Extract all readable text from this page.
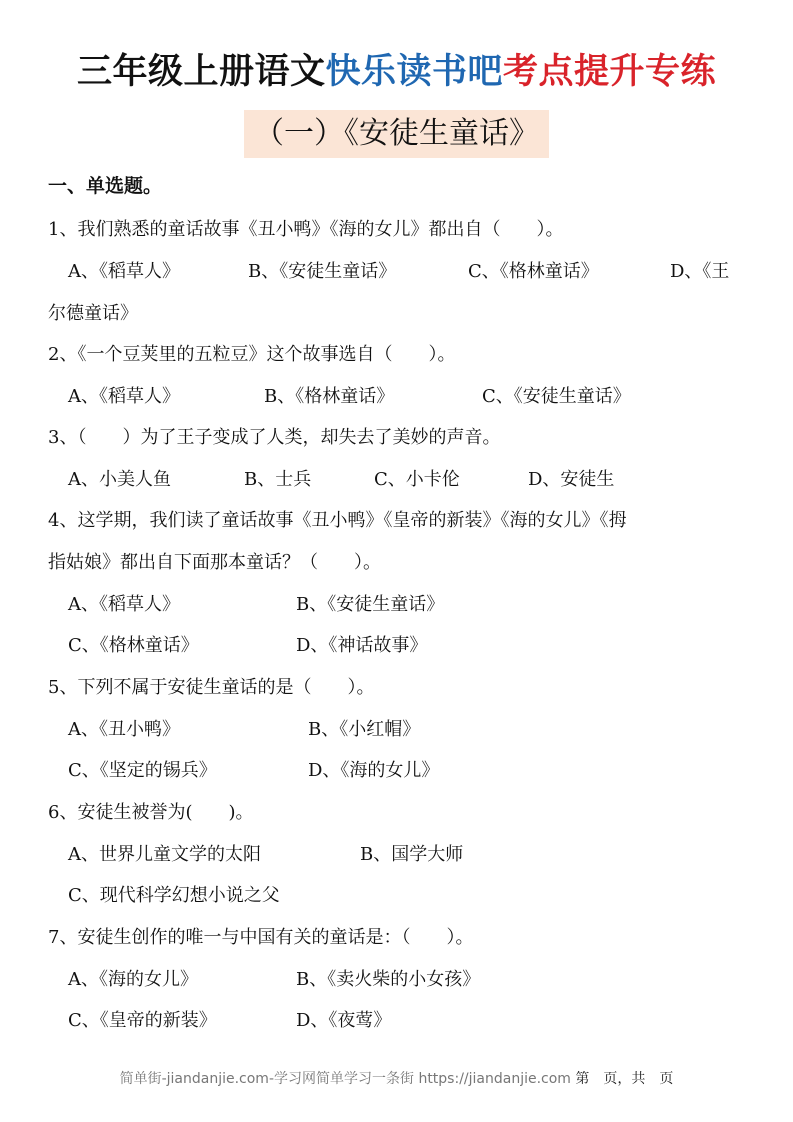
三年级上册语文快乐读书吧考点提升专练
（一）《安徒生童话》
一、单选题。
1、我们熟悉的童话故事《丑小鸭》《海的女儿》都出自（　　）。
A、《稻草人》	B、《安徒生童话》	C、《格林童话》	D、《王
尔德童话》
2、《一个豆荚里的五粒豆》这个故事选自（　　）。
A、《稻草人》	B、《格林童话》	C、《安徒生童话》
3、（　　）为了王子变成了人类，却失去了美妙的声音。
A、小美人鱼	B、士兵	C、小卡伦	D、安徒生
4、这学期，我们读了童话故事《丑小鸭》《皇帝的新装》《海的女儿》《拇
指姑娘》都出自下面那本童话？（　　）。
A、《稻草人》	B、《安徒生童话》
C、《格林童话》	D、《神话故事》
5、下列不属于安徒生童话的是（　　）。
A、《丑小鸭》	B、《小红帽》
C、《坚定的锡兵》	D、《海的女儿》
6、安徒生被誉为(　　)。
A、世界儿童文学的太阳	B、国学大师
C、现代科学幻想小说之父
7、安徒生创作的唯一与中国有关的童话是：（　　）。
A、《海的女儿》	B、《卖火柴的小女孩》
C、《皇帝的新装》	D、《夜莺》
简单街-jiandanjie.com-学习网简单学习一条街 https://jiandanjie.com 第　页，共　页
